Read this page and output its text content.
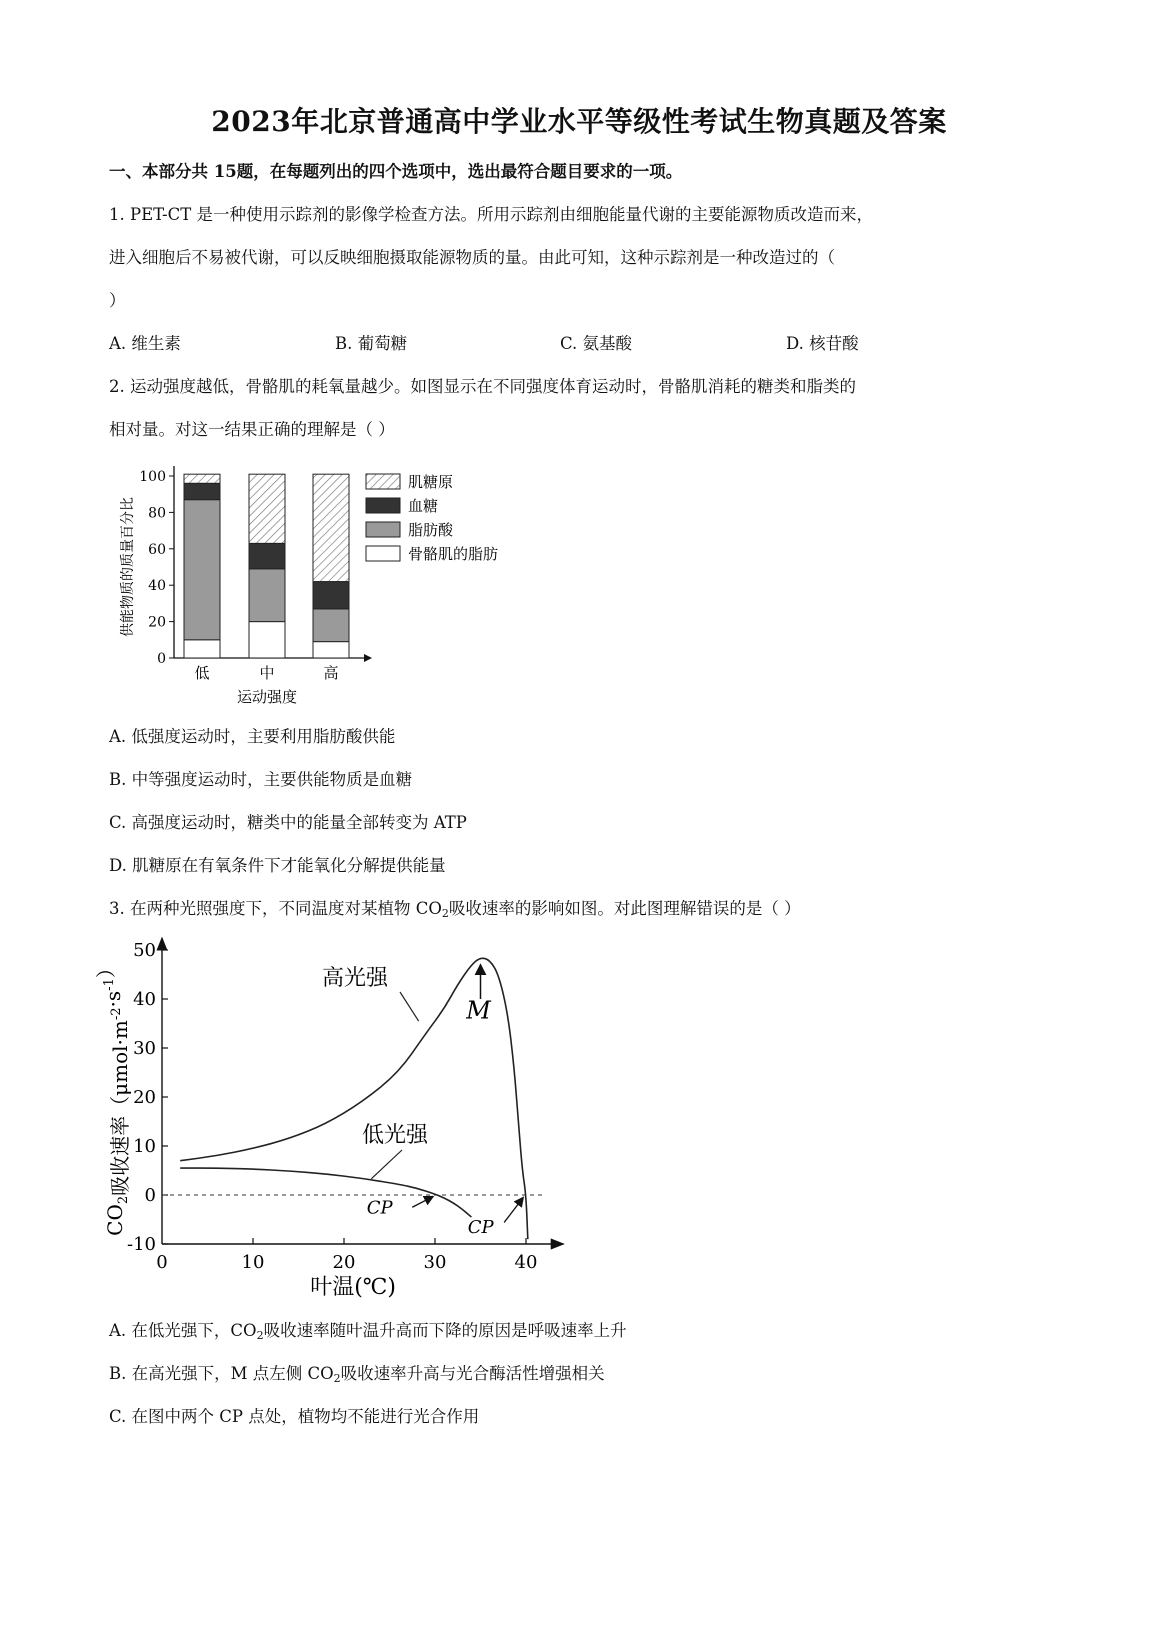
2023年北京普通高中学业水平等级性考试生物真题及答案
一、本部分共 15题，在每题列出的四个选项中，选出最符合题目要求的一项。
1. PET-CT 是一种使用示踪剂的影像学检查方法。所用示踪剂由细胞能量代谢的主要能源物质改造而来，
进入细胞后不易被代谢，可以反映细胞摄取能源物质的量。由此可知，这种示踪剂是一种改造过的（
）
A. 维生素	B. 葡萄糖	C. 氨基酸	D. 核苷酸
2. 运动强度越低，骨骼肌的耗氧量越少。如图显示在不同强度体育运动时，骨骼肌消耗的糖类和脂类的
相对量。对这一结果正确的理解是（ ）
0
20
40
60
80
100
供能物质的质量百分比
低	中	高
运动强度
肌糖原
血糖
脂肪酸
骨骼肌的脂肪
A. 低强度运动时，主要利用脂肪酸供能
B. 中等强度运动时，主要供能物质是血糖
C. 高强度运动时，糖类中的能量全部转变为 ATP
D. 肌糖原在有氧条件下才能氧化分解提供能量
3. 在两种光照强度下，不同温度对某植物 $CO_2$吸收速率的影响如图。对此图理解错误的是（ ）
-10
0
10
20
30
40
50
0	10	20	30	40
高光强
低光强
M
CP
CP
叶温(℃)
$CO_2$吸收速率$(\mu mol\cdot m^{-2}\cdot s^{-1})$
A. 在低光强下，$CO_2$吸收速率随叶温升高而下降的原因是呼吸速率上升
B. 在高光强下，M 点左侧 $CO_2$吸收速率升高与光合酶活性增强相关
C. 在图中两个 CP 点处，植物均不能进行光合作用
